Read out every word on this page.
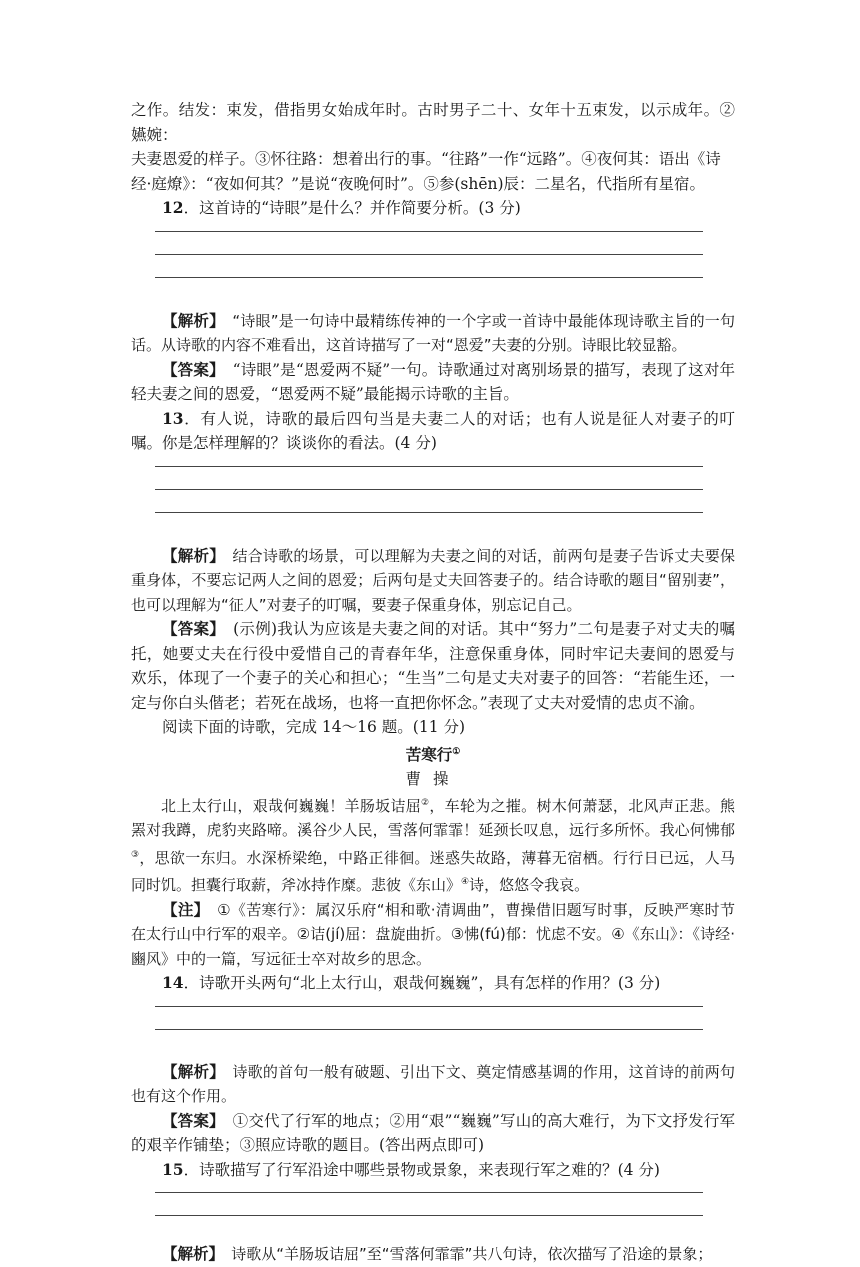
之作。结发：束发，借指男女始成年时。古时男子二十、女年十五束发，以示成年。②嬿婉：

夫妻恩爱的样子。③怀往路：想着出行的事。“往路”一作“远路”。④夜何其：语出《诗

经·庭燎》：“夜如何其？”是说“夜晚何时”。⑤参(shēn)辰：二星名，代指所有星宿。

12．这首诗的“诗眼”是什么？并作简要分析。(3 分)

【解析】　“诗眼”是一句诗中最精练传神的一个字或一首诗中最能体现诗歌主旨的一句话。从诗歌的内容不难看出，这首诗描写了一对“恩爱”夫妻的分别。诗眼比较显豁。

【答案】　“诗眼”是“恩爱两不疑”一句。诗歌通过对离别场景的描写，表现了这对年轻夫妻之间的恩爱，“恩爱两不疑”最能揭示诗歌的主旨。

13．有人说，诗歌的最后四句当是夫妻二人的对话；也有人说是征人对妻子的叮嘱。你是怎样理解的？谈谈你的看法。(4 分)

【解析】　结合诗歌的场景，可以理解为夫妻之间的对话，前两句是妻子告诉丈夫要保重身体，不要忘记两人之间的恩爱；后两句是丈夫回答妻子的。结合诗歌的题目“留别妻”，也可以理解为“征人”对妻子的叮嘱，要妻子保重身体，别忘记自己。

【答案】　(示例)我认为应该是夫妻之间的对话。其中“努力”二句是妻子对丈夫的嘱托，她要丈夫在行役中爱惜自己的青春年华，注意保重身体，同时牢记夫妻间的恩爱与欢乐，体现了一个妻子的关心和担心；“生当”二句是丈夫对妻子的回答：“若能生还，一定与你白头偕老；若死在战场，也将一直把你怀念。”表现了丈夫对爱情的忠贞不渝。

阅读下面的诗歌，完成 14～16 题。(11 分)

苦寒行①
曹操

北上太行山，艰哉何巍巍！羊肠坂诘屈②，车轮为之摧。树木何萧瑟，北风声正悲。熊罴对我蹲，虎豹夹路啼。溪谷少人民，雪落何霏霏！延颈长叹息，远行多所怀。我心何怫郁③，思欲一东归。水深桥梁绝，中路正徘徊。迷惑失故路，薄暮无宿栖。行行日已远，人马同时饥。担囊行取薪，斧冰持作糜。悲彼《东山》④诗，悠悠令我哀。

【注】　①《苦寒行》：属汉乐府“相和歌·清调曲”，曹操借旧题写时事，反映严寒时节在太行山中行军的艰辛。②诘(jí)屈：盘旋曲折。③怫(fú)郁：忧虑不安。④《东山》：《诗经·豳风》中的一篇，写远征士卒对故乡的思念。

14．诗歌开头两句“北上太行山，艰哉何巍巍”，具有怎样的作用？(3 分)

【解析】　诗歌的首句一般有破题、引出下文、奠定情感基调的作用，这首诗的前两句也有这个作用。

【答案】　①交代了行军的地点；②用“艰”“巍巍”写山的高大难行，为下文抒发行军的艰辛作铺垫；③照应诗歌的题目。(答出两点即可)

15．诗歌描写了行军沿途中哪些景物或景象，来表现行军之难的？(4 分)

【解析】　诗歌从“羊肠坂诘屈”至“雪落何霏霏”共八句诗，依次描写了沿途的景象；
